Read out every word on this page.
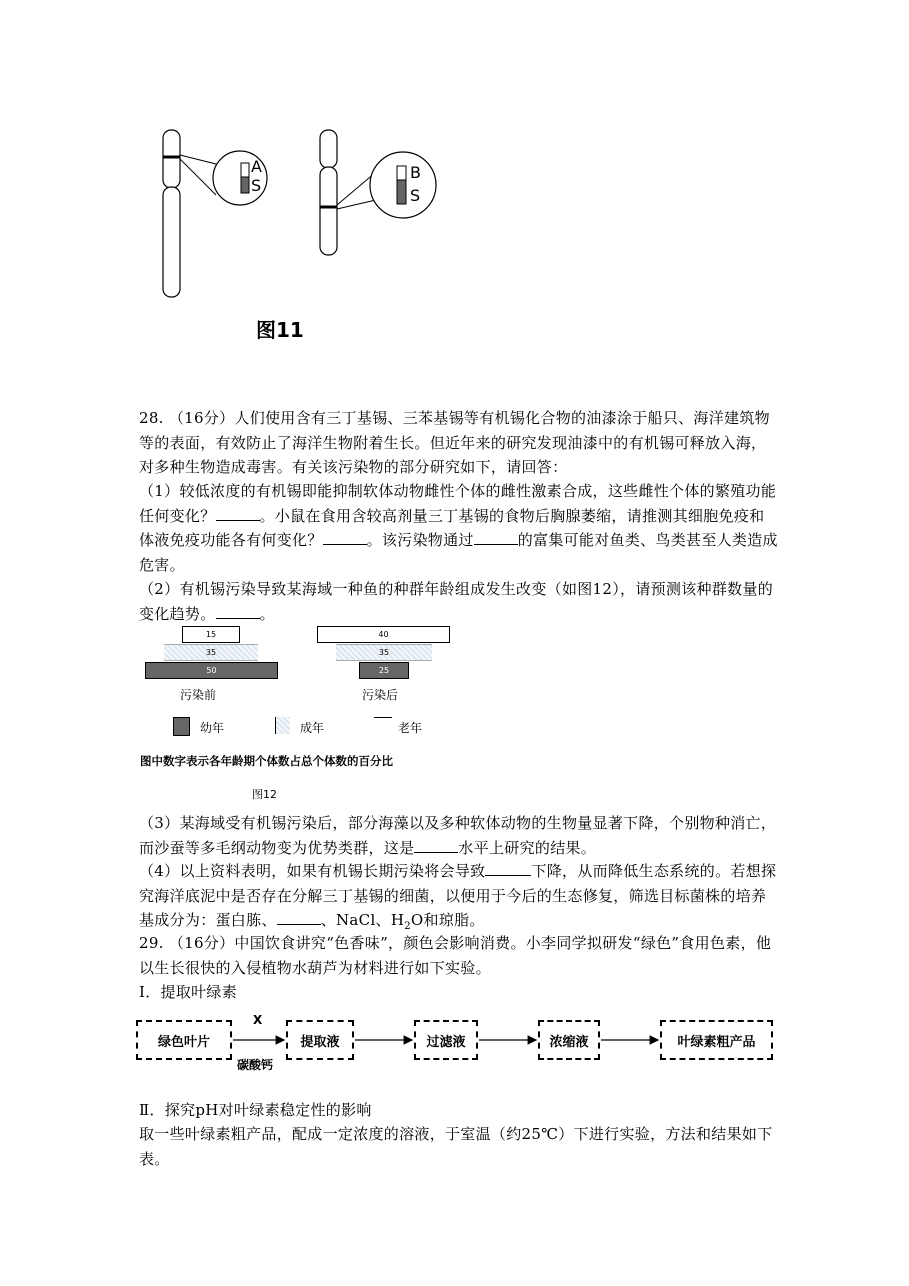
A
S
B
S
图11
28. （16分）人们使用含有三丁基锡、三苯基锡等有机锡化合物的油漆涂于船只、海洋建筑物等的表面，有效防止了海洋生物附着生长。但近年来的研究发现油漆中的有机锡可释放入海，对多种生物造成毒害。有关该污染物的部分研究如下，请回答：
（1）较低浓度的有机锡即能抑制软体动物雌性个体的雌性激素合成，这些雌性个体的繁殖功能任何变化？	。小鼠在食用含较高剂量三丁基锡的食物后胸腺萎缩，请推测其细胞免疫和体液免疫功能各有何变化？	。该污染物通过	的富集可能对鱼类、鸟类甚至人类造成危害。
（2）有机锡污染导致某海域一种鱼的种群年龄组成发生改变（如图12），请预测该种群数量的变化趋势。	。
15
35
50
污染前
40
35
25
污染后
幼年	成年	老年
图中数字表示各年龄期个体数占总个体数的百分比
图12
（3）某海域受有机锡污染后，部分海藻以及多种软体动物的生物量显著下降，个别物种消亡，而沙蚕等多毛纲动物变为优势类群，这是	水平上研究的结果。
（4）以上资料表明，如果有机锡长期污染将会导致	下降，从而降低生态系统的。若想探究海洋底泥中是否存在分解三丁基锡的细菌，以便用于今后的生态修复，筛选目标菌株的培养基成分为：蛋白胨、	、NaCl、$H_2O$和琼脂。
29. （16分）中国饮食讲究“色香味”，颜色会影响消费。小李同学拟研发“绿色”食用色素，他以生长很快的入侵植物水葫芦为材料进行如下实验。
Ⅰ．提取叶绿素
绿色叶片	提取液	过滤液	浓缩液	叶绿素粗产品
X
碳酸钙
Ⅱ．探究pH对叶绿素稳定性的影响
取一些叶绿素粗产品，配成一定浓度的溶液，于室温（约25℃）下进行实验，方法和结果如下表。
